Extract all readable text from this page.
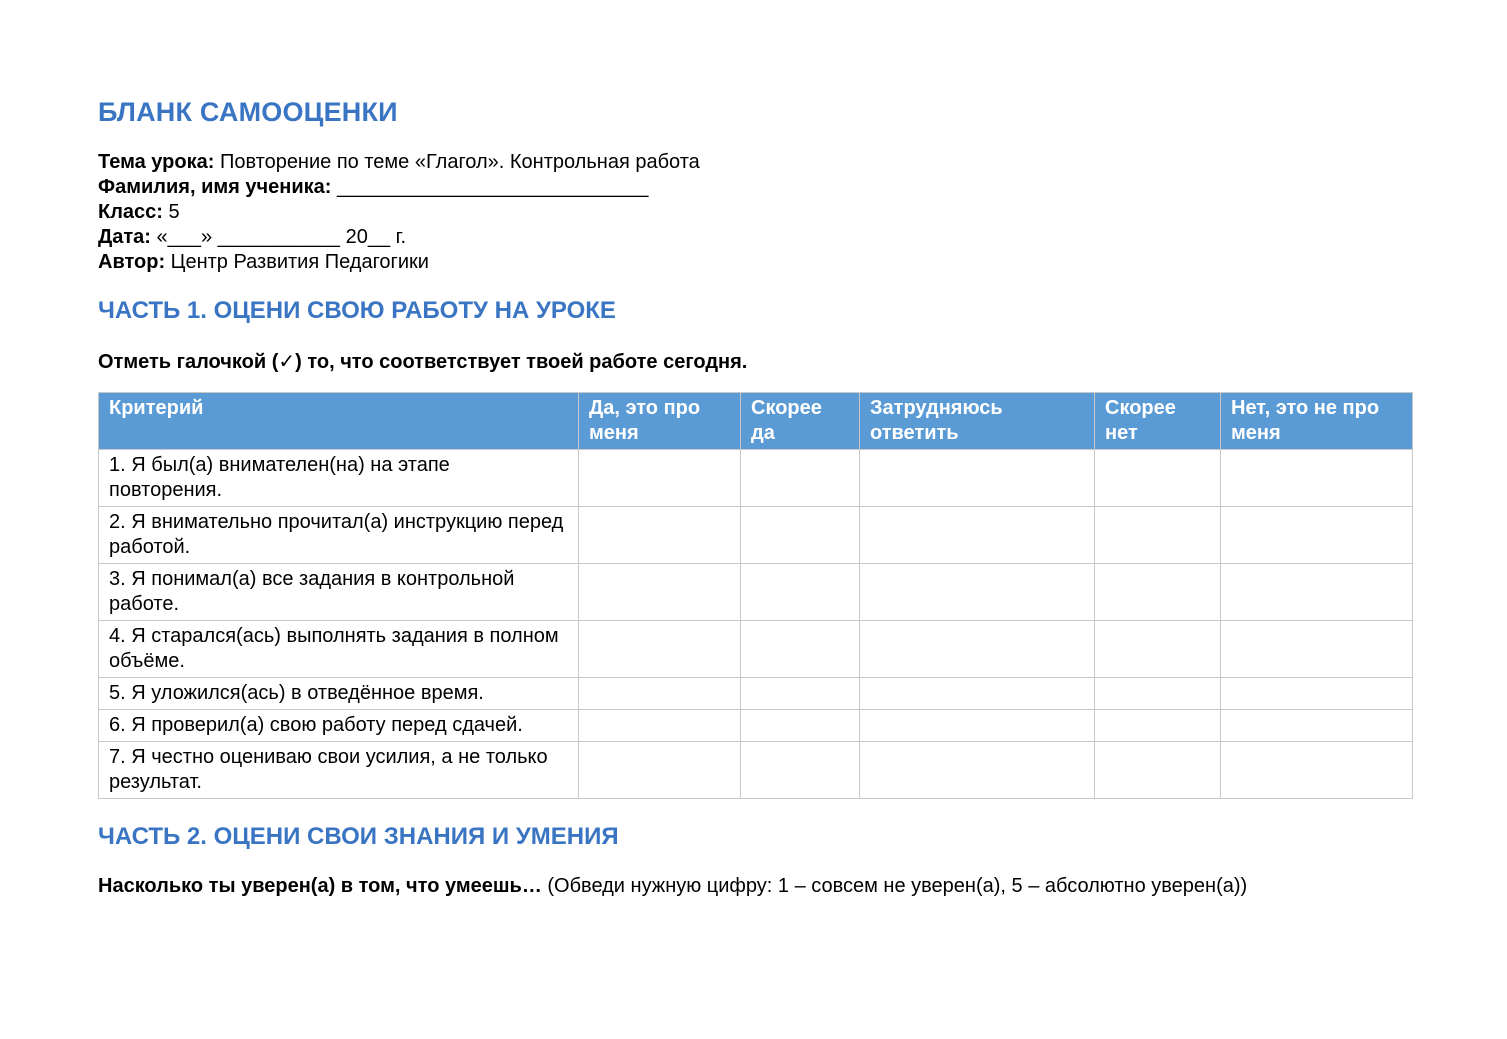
БЛАНК САМООЦЕНКИ
Тема урока: Повторение по теме «Глагол». Контрольная работа
Фамилия, имя ученика: ____________________________
Класс: 5
Дата: «___» ___________ 20__ г.
Автор: Центр Развития Педагогики
ЧАСТЬ 1. ОЦЕНИ СВОЮ РАБОТУ НА УРОКЕ
Отметь галочкой (✓) то, что соответствует твоей работе сегодня.
Критерий	Да, это про меня	Скорее да	Затрудняюсь ответить	Скорее нет	Нет, это не про меня
1. Я был(а) внимателен(на) на этапе повторения.					
2. Я внимательно прочитал(а) инструкцию перед работой.					
3. Я понимал(а) все задания в контрольной работе.					
4. Я старался(ась) выполнять задания в полном объёме.					
5. Я уложился(ась) в отведённое время.					
6. Я проверил(а) свою работу перед сдачей.					
7. Я честно оцениваю свои усилия, а не только результат.					
ЧАСТЬ 2. ОЦЕНИ СВОИ ЗНАНИЯ И УМЕНИЯ
Насколько ты уверен(а) в том, что умеешь… (Обведи нужную цифру: 1 – совсем не уверен(а), 5 – абсолютно уверен(а))
